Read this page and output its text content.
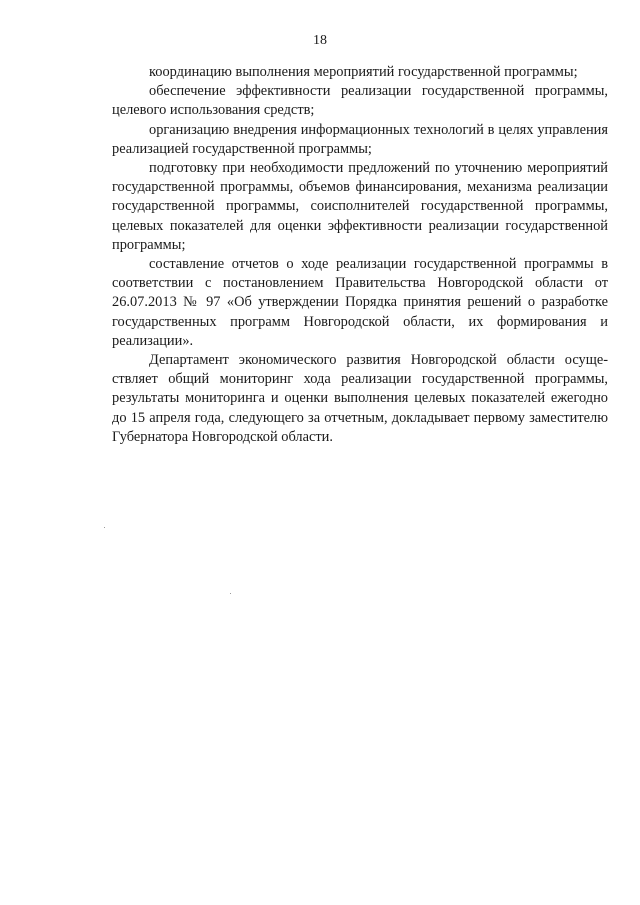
18

координацию выполнения мероприятий государственной программы;

обеспечение эффективности реализации государственной программы, целевого использования средств;

организацию внедрения информационных технологий в целях управления реализацией государственной программы;

подготовку при необходимости предложений по уточнению мероприятий государственной программы, объемов финансирования, механизма реализации государственной программы, соисполнителей государственной программы, целевых показателей для оценки эффективности реализации государственной программы;

составление отчетов о ходе реализации государственной программы в соответствии с постановлением Правительства Новгородской области от 26.07.2013 № 97 «Об утверждении Порядка принятия решений о разработке государственных программ Новгородской области, их формирования и реализации».

Департамент экономического развития Новгородской области осуще-ствляет общий мониторинг хода реализации государственной программы, результаты мониторинга и оценки выполнения целевых показателей ежегодно до 15 апреля года, следующего за отчетным, докладывает первому заместителю Губернатора Новгородской области.
